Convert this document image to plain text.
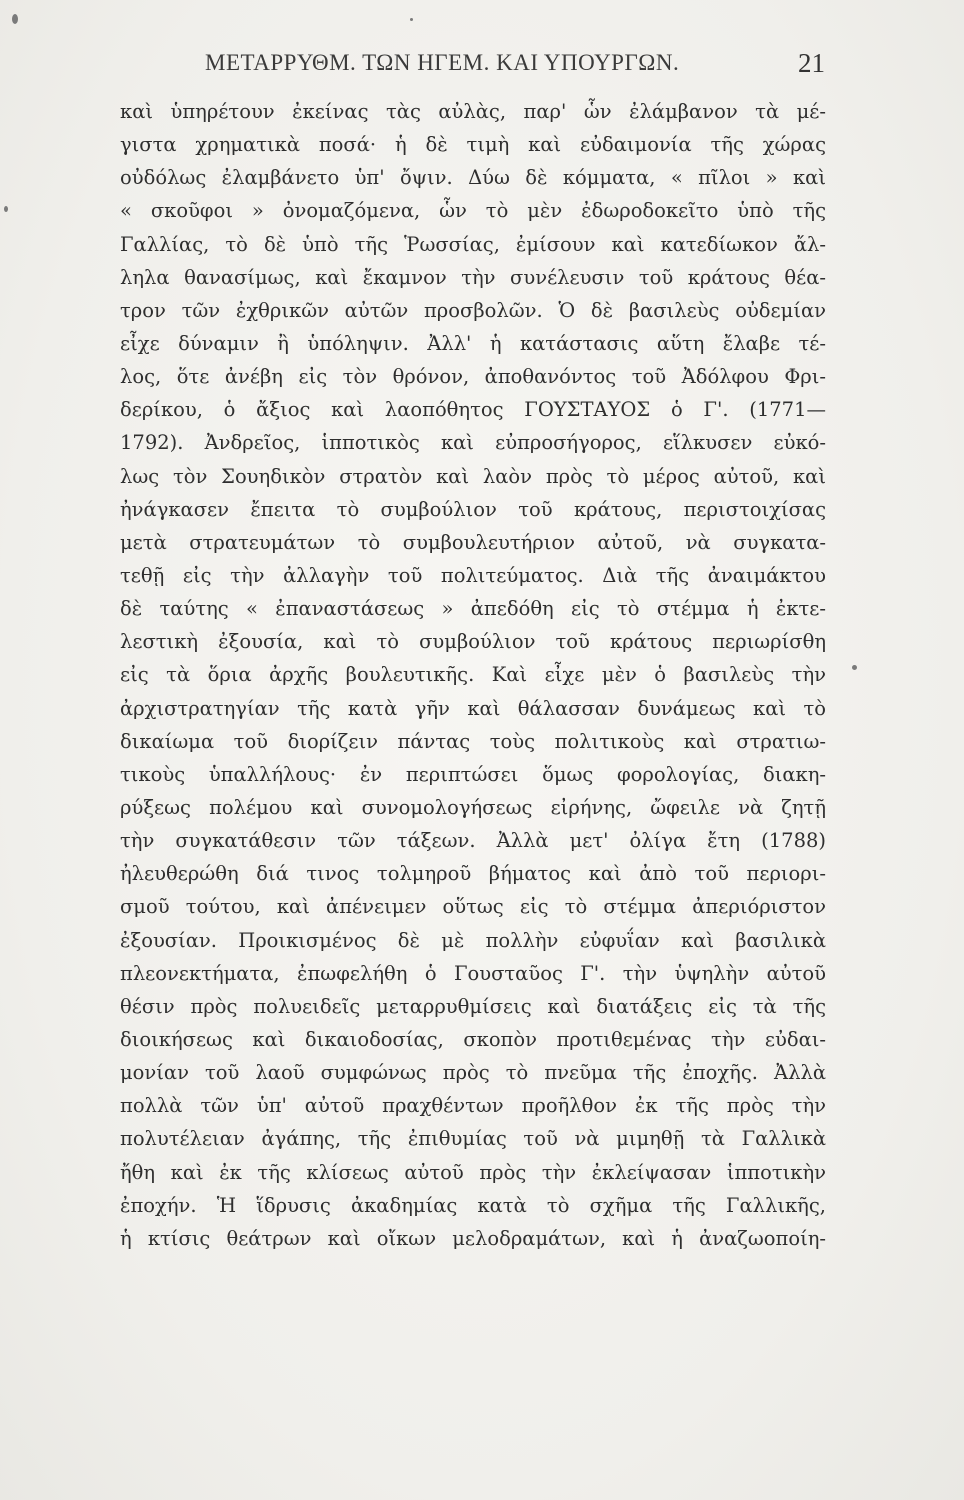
ΜΕΤΑΡΡΥΘΜ. ΤΩΝ ΗΓΕΜ. ΚΑΙ ΥΠΟΥΡΓΩΝ.	21
καὶ ὑπηρέτουν ἐκείνας τὰς αὐλὰς, παρ' ὧν ἐλάμβανον τὰ μέ-
γιστα χρηματικὰ ποσά· ἡ δὲ τιμὴ καὶ εὐδαιμονία τῆς χώρας
οὐδόλως ἐλαμβάνετο ὑπ' ὄψιν. Δύω δὲ κόμματα, « πῖλοι » καὶ
« σκοῦφοι » ὀνομαζόμενα, ὧν τὸ μὲν ἐδωροδοκεῖτο ὑπὸ τῆς
Γαλλίας, τὸ δὲ ὑπὸ τῆς Ῥωσσίας, ἐμίσουν καὶ κατεδίωκον ἄλ-
ληλα θανασίμως, καὶ ἔκαμνον τὴν συνέλευσιν τοῦ κράτους θέα-
τρον τῶν ἐχθρικῶν αὐτῶν προσβολῶν. Ὁ δὲ βασιλεὺς οὐδεμίαν
εἶχε δύναμιν ἢ ὑπόληψιν. Ἀλλ' ἡ κατάστασις αὕτη ἔλαβε τέ-
λος, ὅτε ἀνέβη εἰς τὸν θρόνον, ἀποθανόντος τοῦ Ἀδόλφου Φρι-
δερίκου, ὁ ἄξιος καὶ λαοπόθητος ΓΟΥΣΤΑΥΟΣ ὁ Γ'. (1771—
1792). Ἀνδρεῖος, ἱπποτικὸς καὶ εὐπροσήγορος, εἵλκυσεν εὐκό-
λως τὸν Σουηδικὸν στρατὸν καὶ λαὸν πρὸς τὸ μέρος αὐτοῦ, καὶ
ἠνάγκασεν ἔπειτα τὸ συμβούλιον τοῦ κράτους, περιστοιχίσας
μετὰ στρατευμάτων τὸ συμβουλευτήριον αὐτοῦ, νὰ συγκατα-
τεθῇ εἰς τὴν ἀλλαγὴν τοῦ πολιτεύματος. Διὰ τῆς ἀναιμάκτου
δὲ ταύτης « ἐπαναστάσεως » ἀπεδόθη εἰς τὸ στέμμα ἡ ἐκτε-
λεστικὴ ἐξουσία, καὶ τὸ συμβούλιον τοῦ κράτους περιωρίσθη
εἰς τὰ ὅρια ἀρχῆς βουλευτικῆς. Καὶ εἶχε μὲν ὁ βασιλεὺς τὴν
ἀρχιστρατηγίαν τῆς κατὰ γῆν καὶ θάλασσαν δυνάμεως καὶ τὸ
δικαίωμα τοῦ διορίζειν πάντας τοὺς πολιτικοὺς καὶ στρατιω-
τικοὺς ὑπαλλήλους· ἐν περιπτώσει ὅμως φορολογίας, διακη-
ρύξεως πολέμου καὶ συνομολογήσεως εἰρήνης, ὤφειλε νὰ ζητῇ
τὴν συγκατάθεσιν τῶν τάξεων. Ἀλλὰ μετ' ὀλίγα ἔτη (1788)
ἠλευθερώθη διά τινος τολμηροῦ βήματος καὶ ἀπὸ τοῦ περιορι-
σμοῦ τούτου, καὶ ἀπένειμεν οὕτως εἰς τὸ στέμμα ἀπεριόριστον
ἐξουσίαν. Προικισμένος δὲ μὲ πολλὴν εὐφυΐαν καὶ βασιλικὰ
πλεονεκτήματα, ἐπωφελήθη ὁ Γουσταῦος Γ'. τὴν ὑψηλὴν αὐτοῦ
θέσιν πρὸς πολυειδεῖς μεταρρυθμίσεις καὶ διατάξεις εἰς τὰ τῆς
διοικήσεως καὶ δικαιοδοσίας, σκοπὸν προτιθεμένας τὴν εὐδαι-
μονίαν τοῦ λαοῦ συμφώνως πρὸς τὸ πνεῦμα τῆς ἐποχῆς. Ἀλλὰ
πολλὰ τῶν ὑπ' αὐτοῦ πραχθέντων προῆλθον ἐκ τῆς πρὸς τὴν
πολυτέλειαν ἀγάπης, τῆς ἐπιθυμίας τοῦ νὰ μιμηθῇ τὰ Γαλλικὰ
ἤθη καὶ ἐκ τῆς κλίσεως αὐτοῦ πρὸς τὴν ἐκλείψασαν ἱπποτικὴν
ἐποχήν. Ἡ ἵδρυσις ἀκαδημίας κατὰ τὸ σχῆμα τῆς Γαλλικῆς,
ἡ κτίσις θεάτρων καὶ οἴκων μελοδραμάτων, καὶ ἡ ἀναζωοποίη-
